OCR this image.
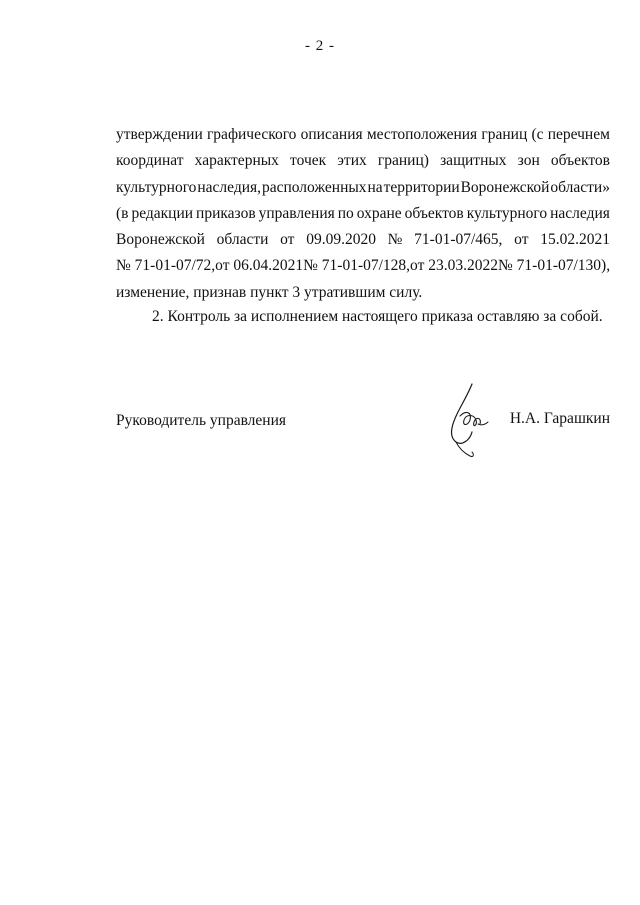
- 2 -
утверждении графического описания местоположения границ (с перечнем
координат характерных точек этих границ) защитных зон объектов
культурного наследия, расположенных на территории Воронежской области»
(в редакции приказов управления по охране объектов культурного наследия
Воронежской области от 09.09.2020 № 71-01-07/465, от 15.02.2021
№ 71-01-07/72, от 06.04.2021 № 71-01-07/128, от 23.03.2022 № 71-01-07/130),
изменение, признав пункт 3 утратившим силу.
2. Контроль за исполнением настоящего приказа оставляю за собой.
Руководитель управления	Н.А. Гарашкин
